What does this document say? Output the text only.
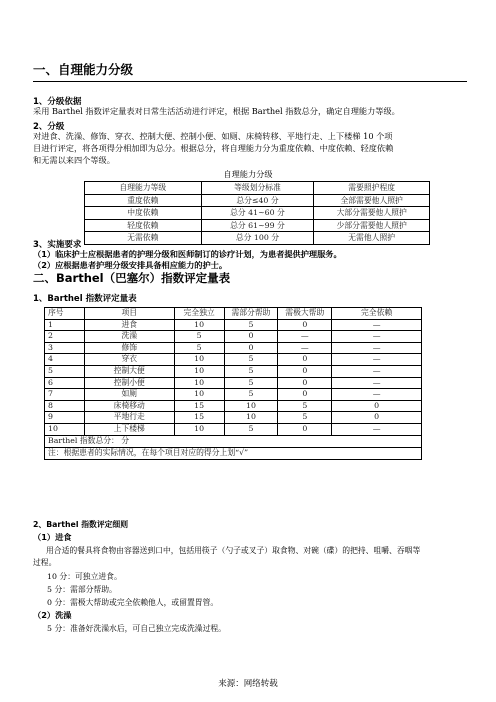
一、自理能力分级
1、分级依据
采用 Barthel 指数评定量表对日常生活活动进行评定，根据 Barthel 指数总分，确定自理能力等级。
2、分级
对进食、洗澡、修饰、穿衣、控制大便、控制小便、如厕、床椅转移、平地行走、上下楼梯 10 个项
目进行评定，将各项得分相加即为总分。根据总分，将自理能力分为重度依赖、中度依赖、轻度依赖
和无需以来四个等级。
自理能力分级
自理能力等级	等级划分标准	需要照护程度
重度依赖	总分≤40 分	全部需要他人照护
中度依赖	总分 41~60 分	大部分需要他人照护
轻度依赖	总分 61~99 分	少部分需要他人照护
无需依赖	总分 100 分	无需他人照护
3、实施要求
（1）临床护士应根据患者的护理分级和医师制订的诊疗计划，为患者提供护理服务。
（2）应根据患者护理分级安排具备相应能力的护士。
二、Barthel（巴塞尔）指数评定量表
1、Barthel 指数评定量表
序号	项目	完全独立	需部分帮助	需极大帮助	完全依赖
1	进食	10	5	0	—
2	洗澡	5	0	—	—
3	修饰	5	0	—	—
4	穿衣	10	5	0	—
5	控制大便	10	5	0	—
6	控制小便	10	5	0	—
7	如厕	10	5	0	—
8	床椅移动	15	10	5	0
9	平地行走	15	10	5	0
10	上下楼梯	10	5	0	—
Barthel 指数总分： 分					
注：根据患者的实际情况，在每个项目对应的得分上划“√”					
2、Barthel 指数评定细则
（1）进食
用合适的餐具将食物由容器送到口中，包括用筷子（勺子或叉子）取食物、对碗（碟）的把持、咀嚼、吞咽等
过程。
10 分：可独立进食。
5 分：需部分帮助。
0 分：需极大帮助或完全依赖他人，或留置胃管。
（2）洗澡
5 分：准备好洗澡水后，可自己独立完成洗澡过程。
来源：网络转载
